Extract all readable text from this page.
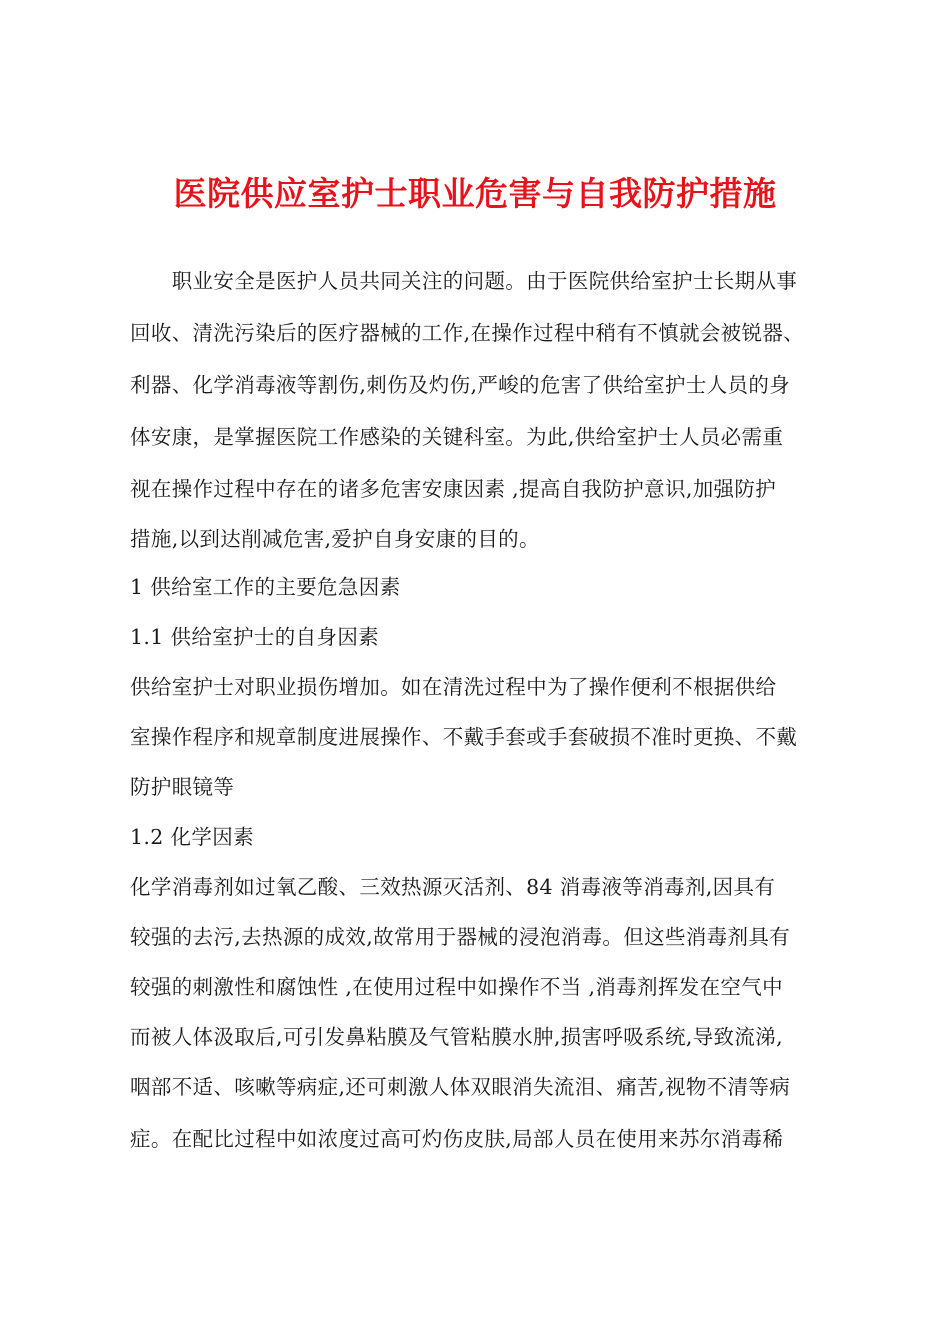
医院供应室护士职业危害与自我防护措施
　　职业安全是医护人员共同关注的问题。由于医院供给室护士长期从事
回收、清洗污染后的医疗器械的工作,在操作过程中稍有不慎就会被锐器、
利器、化学消毒液等割伤,刺伤及灼伤,严峻的危害了供给室护士人员的身
体安康，是掌握医院工作感染的关键科室。为此,供给室护士人员必需重
视在操作过程中存在的诸多危害安康因素 ,提高自我防护意识,加强防护
措施,以到达削减危害,爱护自身安康的目的。
1 供给室工作的主要危急因素
1.1 供给室护士的自身因素
供给室护士对职业损伤增加。如在清洗过程中为了操作便利不根据供给
室操作程序和规章制度进展操作、不戴手套或手套破损不准时更换、不戴
防护眼镜等
1.2 化学因素
化学消毒剂如过氧乙酸、三效热源灭活剂、84 消毒液等消毒剂,因具有
较强的去污,去热源的成效,故常用于器械的浸泡消毒。但这些消毒剂具有
较强的刺激性和腐蚀性 ,在使用过程中如操作不当 ,消毒剂挥发在空气中
而被人体汲取后,可引发鼻粘膜及气管粘膜水肿,损害呼吸系统,导致流涕,
咽部不适、咳嗽等病症,还可刺激人体双眼消失流泪、痛苦,视物不清等病
症。在配比过程中如浓度过高可灼伤皮肤,局部人员在使用来苏尔消毒稀
